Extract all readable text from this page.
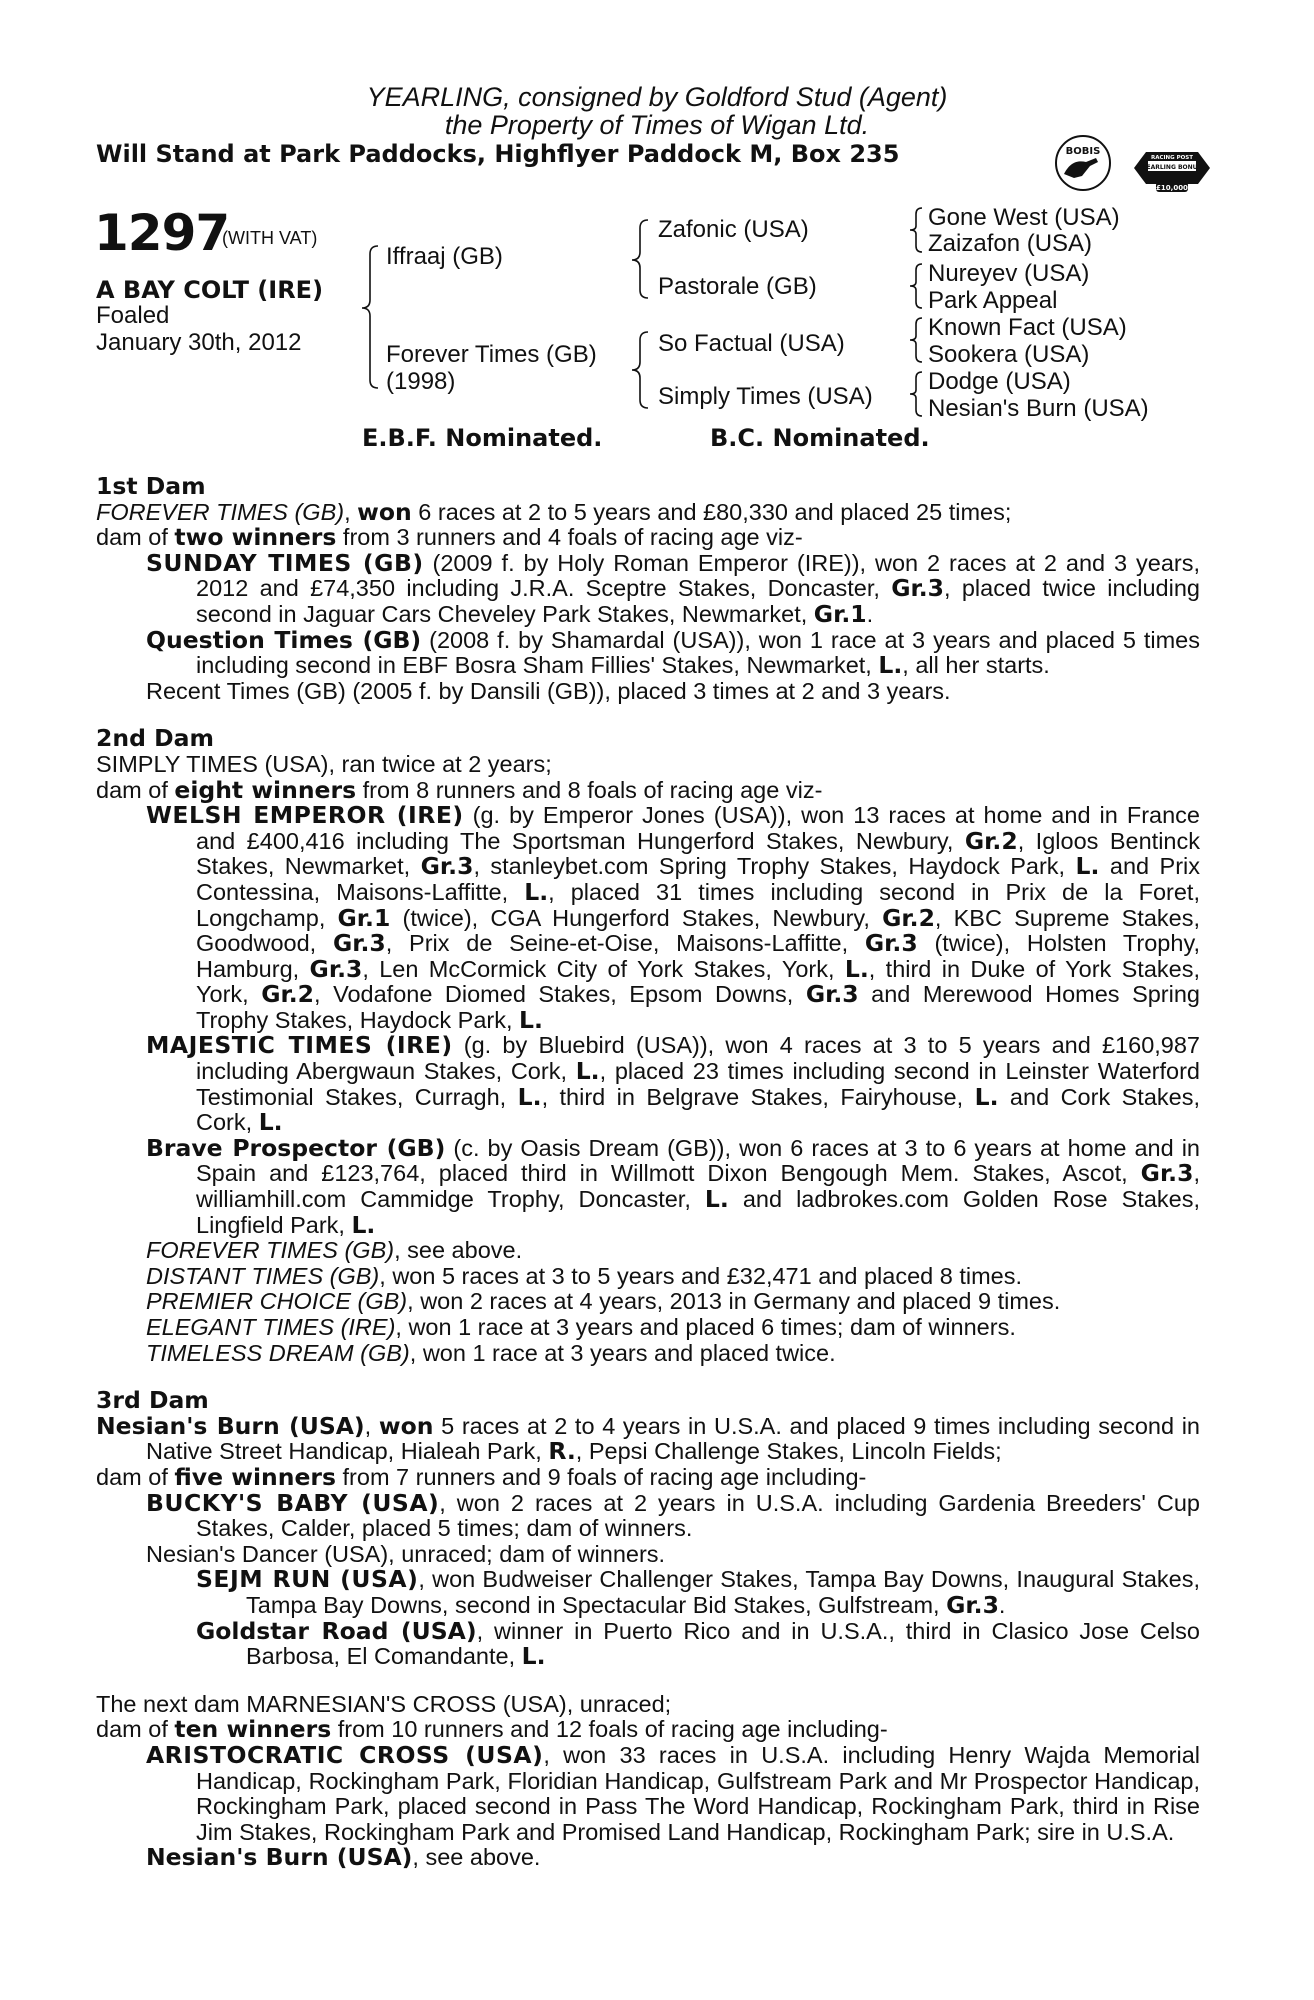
YEARLING, consigned by Goldford Stud (Agent)
the Property of Times of Wigan Ltd.
Will Stand at Park Paddocks, Highflyer Paddock M, Box 235	BOBIS
RACING POST
YEARLING BONUS
£10,000
1297
(WITH VAT)
A BAY COLT (IRE)
Foaled
January 30th, 2012
Iffraaj (GB)
Forever Times (GB)
(1998)
Zafonic (USA)
Pastorale (GB)
So Factual (USA)
Simply Times (USA)
Gone West (USA)
Zaizafon (USA)
Nureyev (USA)
Park Appeal
Known Fact (USA)
Sookera (USA)
Dodge (USA)
Nesian's Burn (USA)
E.B.F. Nominated.	B.C. Nominated.

1st Dam

FOREVER TIMES (GB), won 6 races at 2 to 5 years and £80,330 and placed 25 times;

dam of two winners from 3 runners and 4 foals of racing age viz-

SUNDAY TIMES (GB) (2009 f. by Holy Roman Emperor (IRE)), won 2 races at 2 and 3 years, 2012 and £74,350 including J.R.A. Sceptre Stakes, Doncaster, Gr.3, placed twice including second in Jaguar Cars Cheveley Park Stakes, Newmarket, Gr.1.

Question Times (GB) (2008 f. by Shamardal (USA)), won 1 race at 3 years and placed 5 times including second in EBF Bosra Sham Fillies' Stakes, Newmarket, L., all her starts.

Recent Times (GB) (2005 f. by Dansili (GB)), placed 3 times at 2 and 3 years.

2nd Dam

SIMPLY TIMES (USA), ran twice at 2 years;

dam of eight winners from 8 runners and 8 foals of racing age viz-

WELSH EMPEROR (IRE) (g. by Emperor Jones (USA)), won 13 races at home and in France and £400,416 including The Sportsman Hungerford Stakes, Newbury, Gr.2, Igloos Bentinck Stakes, Newmarket, Gr.3, stanleybet.com Spring Trophy Stakes, Haydock Park, L. and Prix Contessina, Maisons-Laffitte, L., placed 31 times including second in Prix de la Foret, Longchamp, Gr.1 (twice), CGA Hungerford Stakes, Newbury, Gr.2, KBC Supreme Stakes, Goodwood, Gr.3, Prix de Seine-et-Oise, Maisons-Laffitte, Gr.3 (twice), Holsten Trophy, Hamburg, Gr.3, Len McCormick City of York Stakes, York, L., third in Duke of York Stakes, York, Gr.2, Vodafone Diomed Stakes, Epsom Downs, Gr.3 and Merewood Homes Spring Trophy Stakes, Haydock Park, L.

MAJESTIC TIMES (IRE) (g. by Bluebird (USA)), won 4 races at 3 to 5 years and £160,987 including Abergwaun Stakes, Cork, L., placed 23 times including second in Leinster Waterford Testimonial Stakes, Curragh, L., third in Belgrave Stakes, Fairyhouse, L. and Cork Stakes, Cork, L.

Brave Prospector (GB) (c. by Oasis Dream (GB)), won 6 races at 3 to 6 years at home and in Spain and £123,764, placed third in Willmott Dixon Bengough Mem. Stakes, Ascot, Gr.3, williamhill.com Cammidge Trophy, Doncaster, L. and ladbrokes.com Golden Rose Stakes, Lingfield Park, L.

FOREVER TIMES (GB), see above.

DISTANT TIMES (GB), won 5 races at 3 to 5 years and £32,471 and placed 8 times.

PREMIER CHOICE (GB), won 2 races at 4 years, 2013 in Germany and placed 9 times.

ELEGANT TIMES (IRE), won 1 race at 3 years and placed 6 times; dam of winners.

TIMELESS DREAM (GB), won 1 race at 3 years and placed twice.

3rd Dam

Nesian's Burn (USA), won 5 races at 2 to 4 years in U.S.A. and placed 9 times including second in Native Street Handicap, Hialeah Park, R., Pepsi Challenge Stakes, Lincoln Fields;

dam of five winners from 7 runners and 9 foals of racing age including-

BUCKY'S BABY (USA), won 2 races at 2 years in U.S.A. including Gardenia Breeders' Cup Stakes, Calder, placed 5 times; dam of winners.

Nesian's Dancer (USA), unraced; dam of winners.

SEJM RUN (USA), won Budweiser Challenger Stakes, Tampa Bay Downs, Inaugural Stakes, Tampa Bay Downs, second in Spectacular Bid Stakes, Gulfstream, Gr.3.

Goldstar Road (USA), winner in Puerto Rico and in U.S.A., third in Clasico Jose Celso Barbosa, El Comandante, L.

The next dam MARNESIAN'S CROSS (USA), unraced;

dam of ten winners from 10 runners and 12 foals of racing age including-

ARISTOCRATIC CROSS (USA), won 33 races in U.S.A. including Henry Wajda Memorial Handicap, Rockingham Park, Floridian Handicap, Gulfstream Park and Mr Prospector Handicap, Rockingham Park, placed second in Pass The Word Handicap, Rockingham Park, third in Rise Jim Stakes, Rockingham Park and Promised Land Handicap, Rockingham Park; sire in U.S.A.

Nesian's Burn (USA), see above.
